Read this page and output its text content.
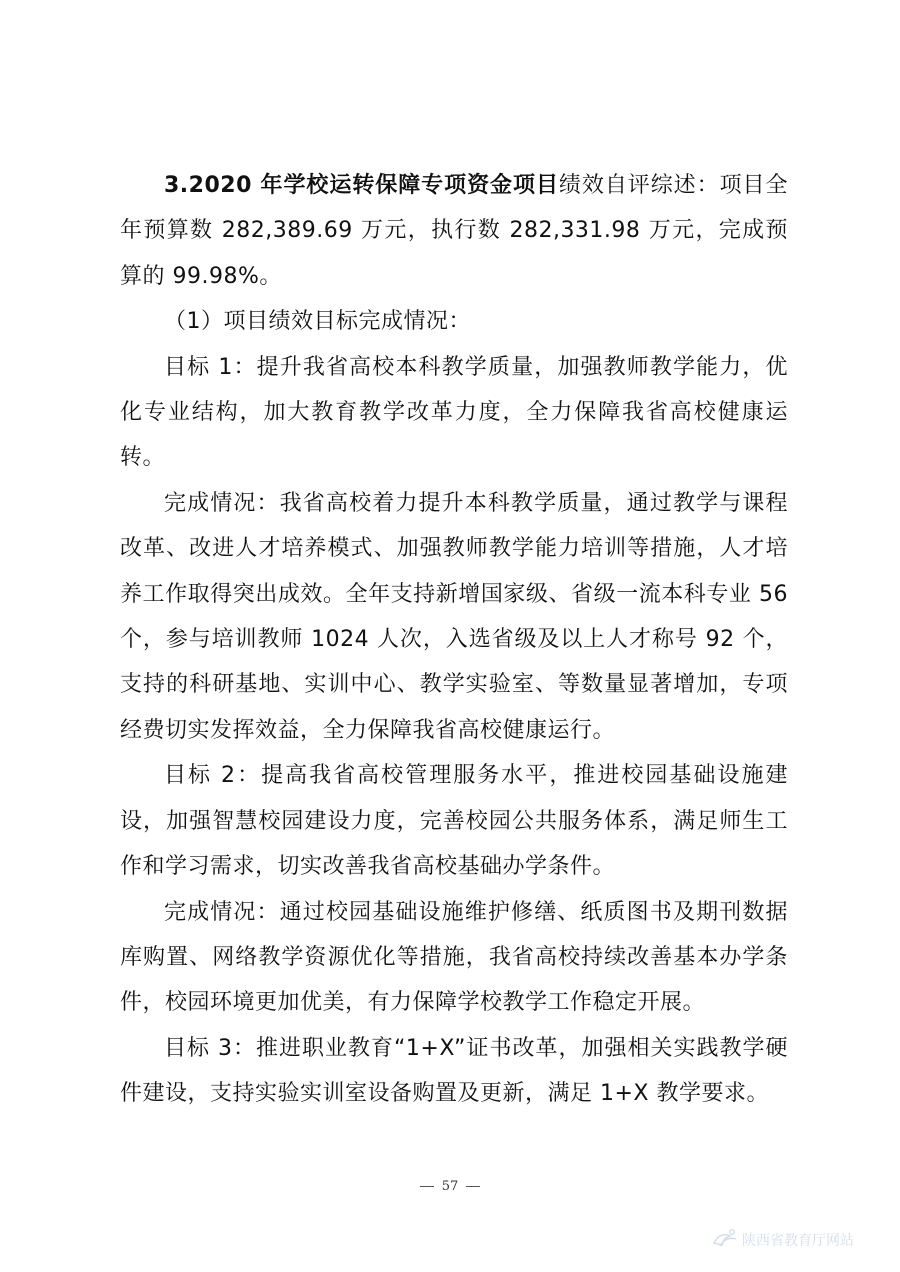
3.2020 年学校运转保障专项资金项目绩效自评综述：项目全年预算数 282,389.69 万元，执行数 282,331.98 万元，完成预算的 99.98%。

（1）项目绩效目标完成情况：

目标 1：提升我省高校本科教学质量，加强教师教学能力，优化专业结构，加大教育教学改革力度，全力保障我省高校健康运转。

完成情况：我省高校着力提升本科教学质量，通过教学与课程改革、改进人才培养模式、加强教师教学能力培训等措施，人才培养工作取得突出成效。全年支持新增国家级、省级一流本科专业 56 个，参与培训教师 1024 人次，入选省级及以上人才称号 92 个，支持的科研基地、实训中心、教学实验室、等数量显著增加，专项经费切实发挥效益，全力保障我省高校健康运行。

目标 2：提高我省高校管理服务水平，推进校园基础设施建设，加强智慧校园建设力度，完善校园公共服务体系，满足师生工作和学习需求，切实改善我省高校基础办学条件。

完成情况：通过校园基础设施维护修缮、纸质图书及期刊数据库购置、网络教学资源优化等措施，我省高校持续改善基本办学条件，校园环境更加优美，有力保障学校教学工作稳定开展。

目标 3：推进职业教育“1+X”证书改革，加强相关实践教学硬件建设，支持实验实训室设备购置及更新，满足 1+X 教学要求。

57
陕西省教育厅网站
